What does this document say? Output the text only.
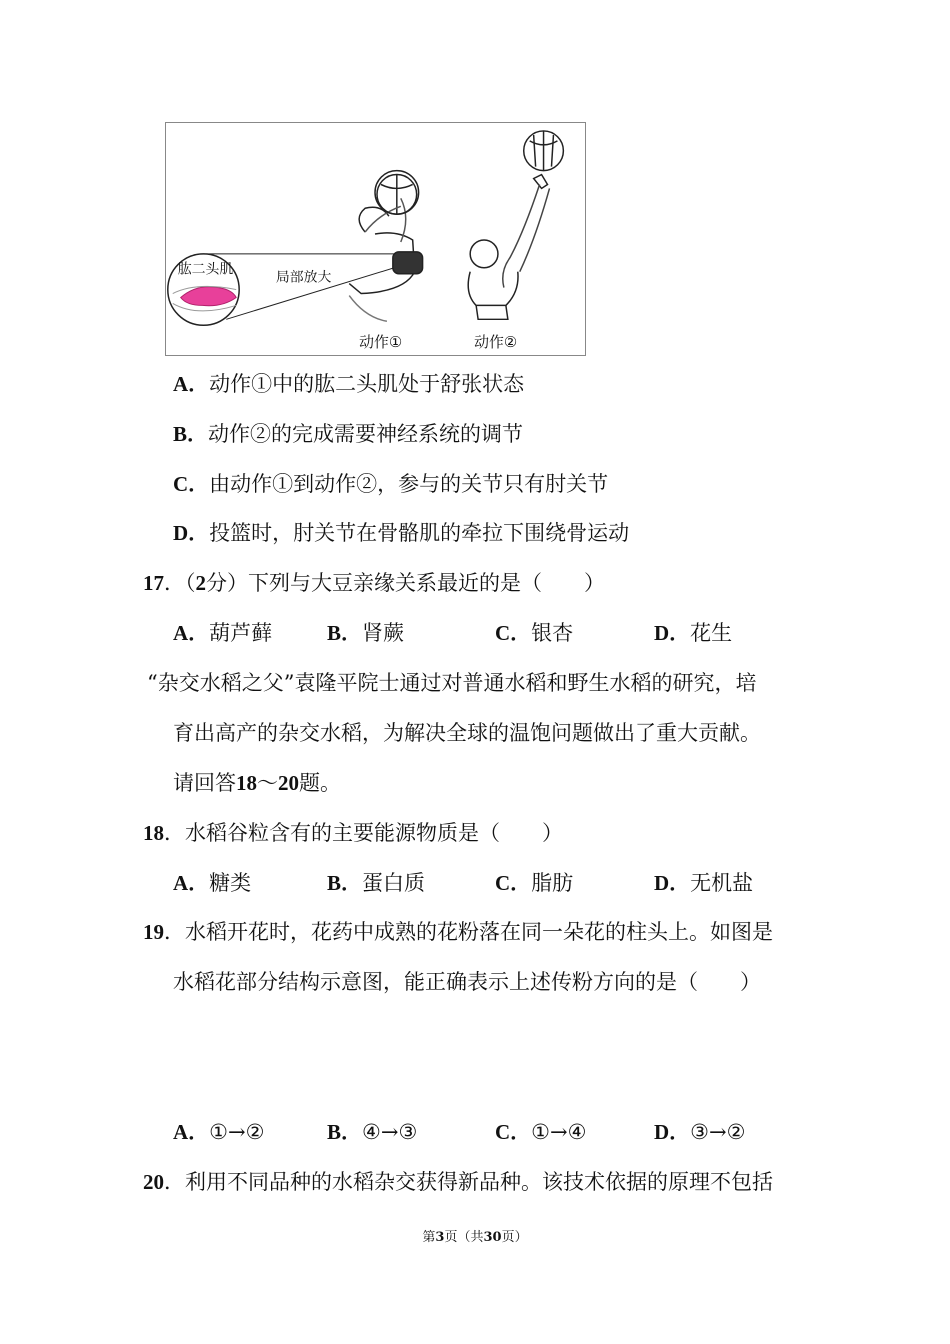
肱二头肌	局部放大
动作①	动作②
A．动作①中的肱二头肌处于舒张状态
B．动作②的完成需要神经系统的调节
C．由动作①到动作②，参与的关节只有肘关节
D．投篮时，肘关节在骨骼肌的牵拉下围绕骨运动
17．（2分）下列与大豆亲缘关系最近的是（　　）
A．葫芦藓	B．肾蕨	C．银杏	D．花生
“杂交水稻之父”袁隆平院士通过对普通水稻和野生水稻的研究，培
育出高产的杂交水稻，为解决全球的温饱问题做出了重大贡献。
请回答18～20题。
18．水稻谷粒含有的主要能源物质是（　　）
A．糖类	B．蛋白质	C．脂肪	D．无机盐
19．水稻开花时，花药中成熟的花粉落在同一朵花的柱头上。如图是
水稻花部分结构示意图，能正确表示上述传粉方向的是（　　）
A．①→②	B．④→③	C．①→④	D．③→②
20．利用不同品种的水稻杂交获得新品种。该技术依据的原理不包括
第3页（共30页）
